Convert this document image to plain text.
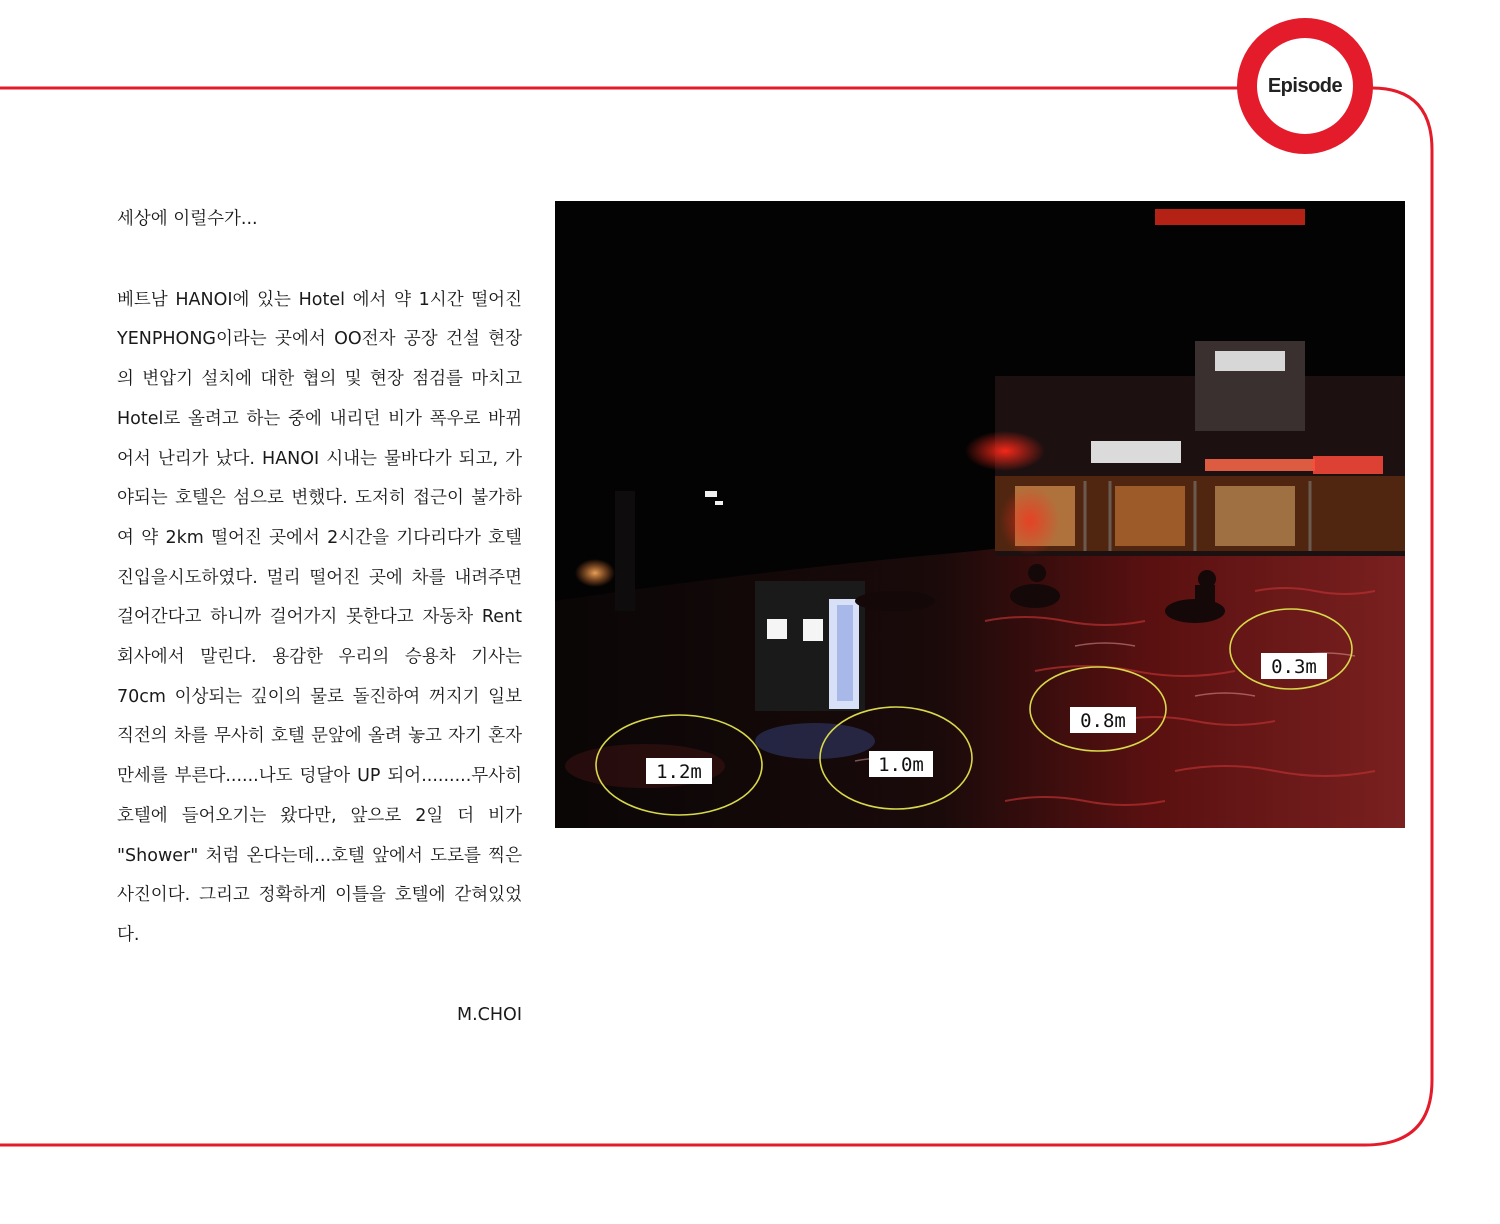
Episode

세상에 이럴수가...

베트남 HANOI에 있는 Hotel 에서 약 1시간 떨어진 YENPHONG이라는 곳에서 OO전자 공장 건설 현장의 변압기 설치에 대한 협의 및 현장 점검를 마치고Hotel로 올려고 하는 중에 내리던 비가 폭우로 바뀌어서 난리가 났다. HANOI 시내는 물바다가 되고, 가야되는 호텔은 섬으로 변했다. 도저히 접근이 불가하여 약 2km 떨어진 곳에서 2시간을 기다리다가 호텔 진입을시도하였다. 멀리 떨어진 곳에 차를 내려주면 걸어간다고 하니까 걸어가지 못한다고 자동차 Rent 회사에서 말린다. 용감한 우리의 승용차 기사는 70cm 이상되는 깊이의 물로 돌진하여 꺼지기 일보 직전의 차를 무사히 호텔 문앞에 올려 놓고 자기 혼자 만세를 부른다......나도 덩달아 UP 되어.........무사히 호텔에 들어오기는 왔다만, 앞으로 2일 더 비가 "Shower" 처럼 온다는데...호텔 앞에서 도로를 찍은 사진이다. 그리고 정확하게 이틀을 호텔에 갇혀있었다.

M.CHOI
1.2m	1.0m
0.8m
0.3m
